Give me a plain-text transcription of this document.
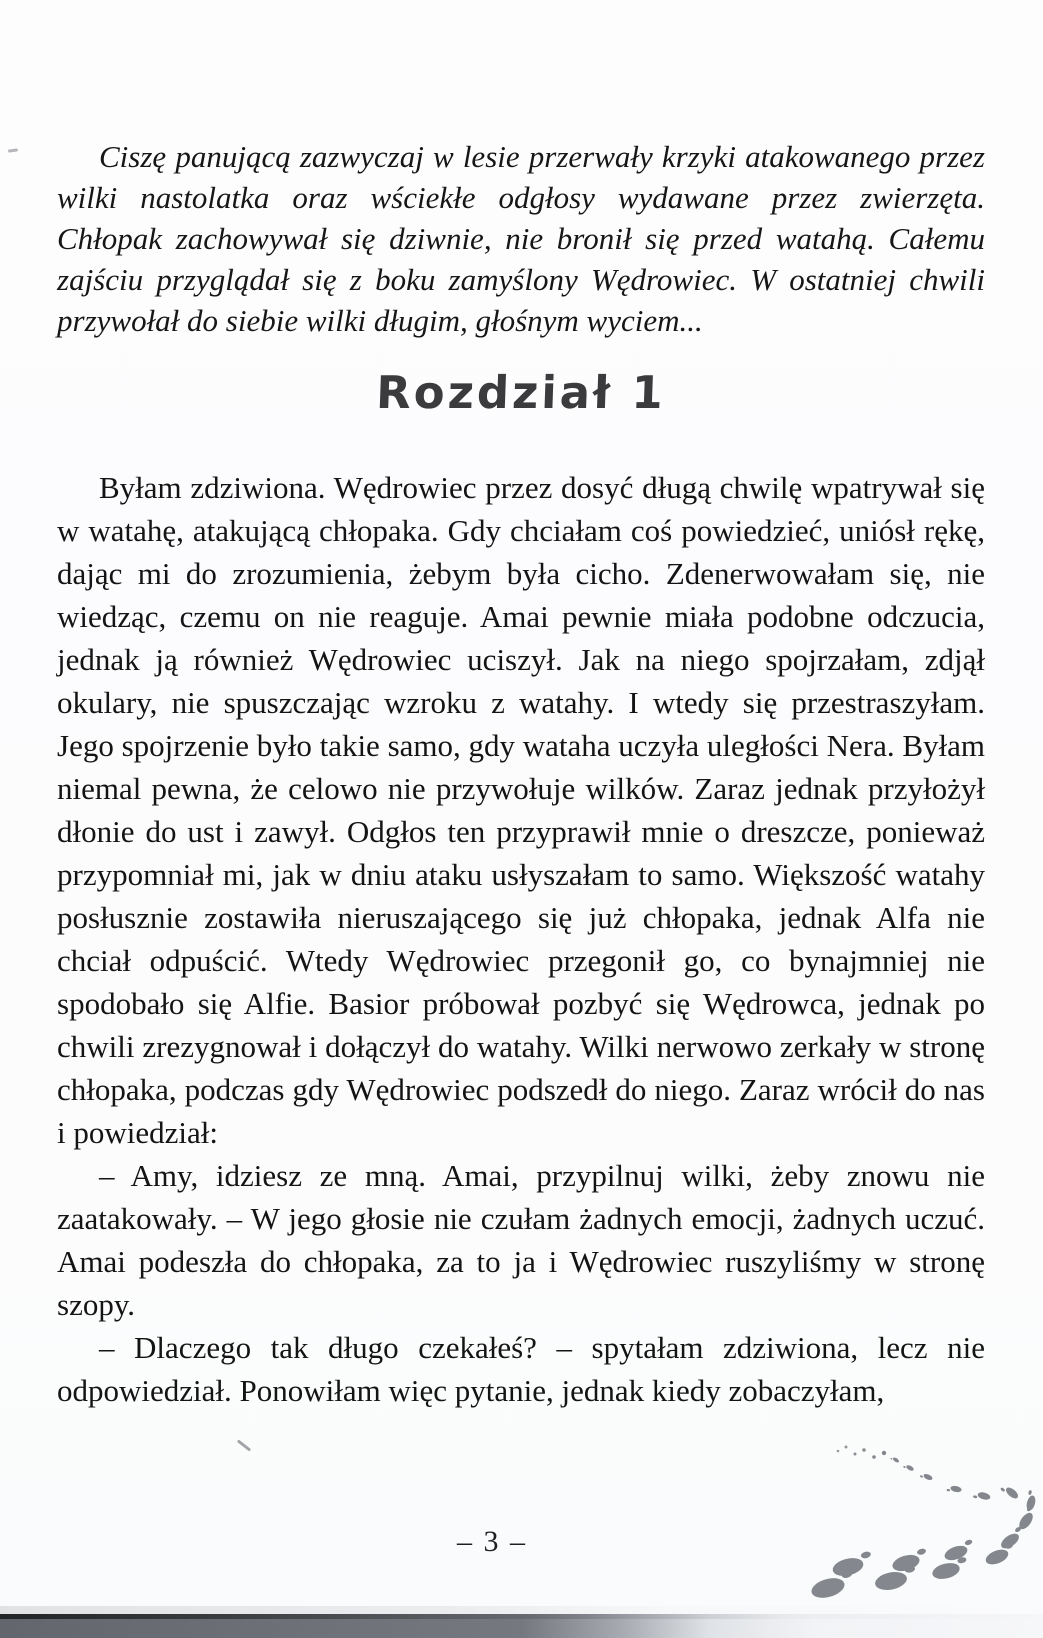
Ciszę panującą zazwyczaj w lesie przerwały krzyki atakowanego przez wilki nastolatka oraz wściekłe odgłosy wydawane przez zwierzęta. Chłopak zachowywał się dziwnie, nie bronił się przed watahą. Całemu zajściu przyglądał się z boku zamyślony Wędrowiec. W ostatniej chwili przywołał do siebie wilki długim, głośnym wyciem...

Rozdział 1

Byłam zdziwiona. Wędrowiec przez dosyć długą chwilę wpatrywał się w watahę, atakującą chłopaka. Gdy chciałam coś powiedzieć, uniósł rękę, dając mi do zrozumienia, żebym była cicho. Zdenerwowałam się, nie wiedząc, czemu on nie reaguje. Amai pewnie miała podobne odczucia, jednak ją również Wędrowiec uciszył. Jak na niego spojrzałam, zdjął okulary, nie spuszczając wzroku z watahy. I wtedy się przestraszyłam. Jego spojrzenie było takie samo, gdy wataha uczyła uległości Nera. Byłam niemal pewna, że celowo nie przywołuje wilków. Zaraz jednak przyłożył dłonie do ust i zawył. Odgłos ten przyprawił mnie o dreszcze, ponieważ przypomniał mi, jak w dniu ataku usłyszałam to samo. Większość watahy posłusznie zostawiła nieruszającego się już chłopaka, jednak Alfa nie chciał odpuścić. Wtedy Wędrowiec przegonił go, co bynajmniej nie spodobało się Alfie. Basior próbował pozbyć się Wędrowca, jednak po chwili zrezygnował i dołączył do watahy. Wilki nerwowo zerkały w stronę chłopaka, podczas gdy Wędrowiec podszedł do niego. Zaraz wrócił do nas i powiedział:

– Amy, idziesz ze mną. Amai, przypilnuj wilki, żeby znowu nie zaatakowały. – W jego głosie nie czułam żadnych emocji, żadnych uczuć. Amai podeszła do chłopaka, za to ja i Wędrowiec ruszyliśmy w stronę szopy.

– Dlaczego tak długo czekałeś? – spytałam zdziwiona, lecz nie odpowiedział. Ponowiłam więc pytanie, jednak kiedy zobaczyłam,

– 3 –
